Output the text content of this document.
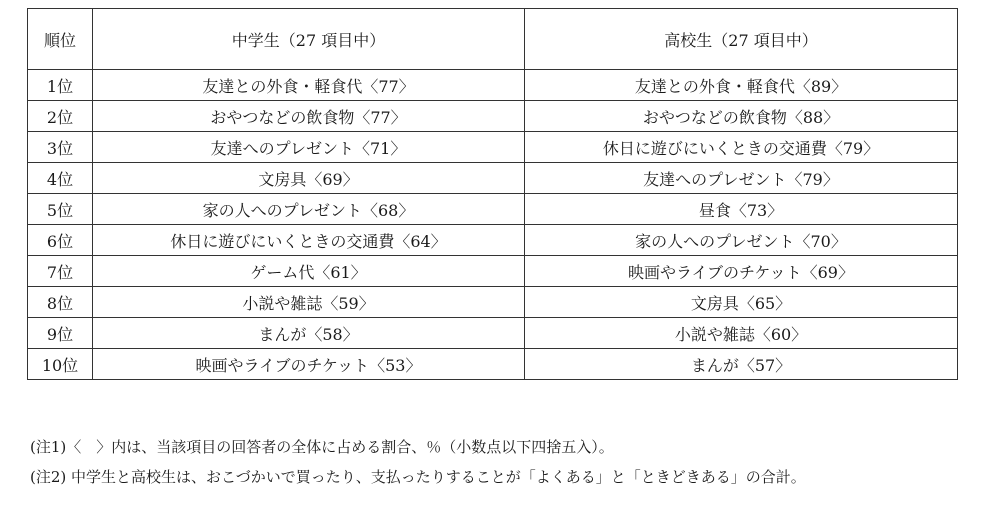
順位	中学生（27 項目中）	高校生（27 項目中）
1位	友達との外食・軽食代〈77〉	友達との外食・軽食代〈89〉
2位	おやつなどの飲食物〈77〉	おやつなどの飲食物〈88〉
3位	友達へのプレゼント〈71〉	休日に遊びにいくときの交通費〈79〉
4位	文房具〈69〉	友達へのプレゼント〈79〉
5位	家の人へのプレゼント〈68〉	昼食〈73〉
6位	休日に遊びにいくときの交通費〈64〉	家の人へのプレゼント〈70〉
7位	ゲーム代〈61〉	映画やライブのチケット〈69〉
8位	小説や雑誌〈59〉	文房具〈65〉
9位	まんが〈58〉	小説や雑誌〈60〉
10位	映画やライブのチケット〈53〉	まんが〈57〉
(注1)〈　〉内は、当該項目の回答者の全体に占める割合、％（小数点以下四捨五入）。
(注2) 中学生と高校生は、おこづかいで買ったり、支払ったりすることが「よくある」と「ときどきある」の合計。
